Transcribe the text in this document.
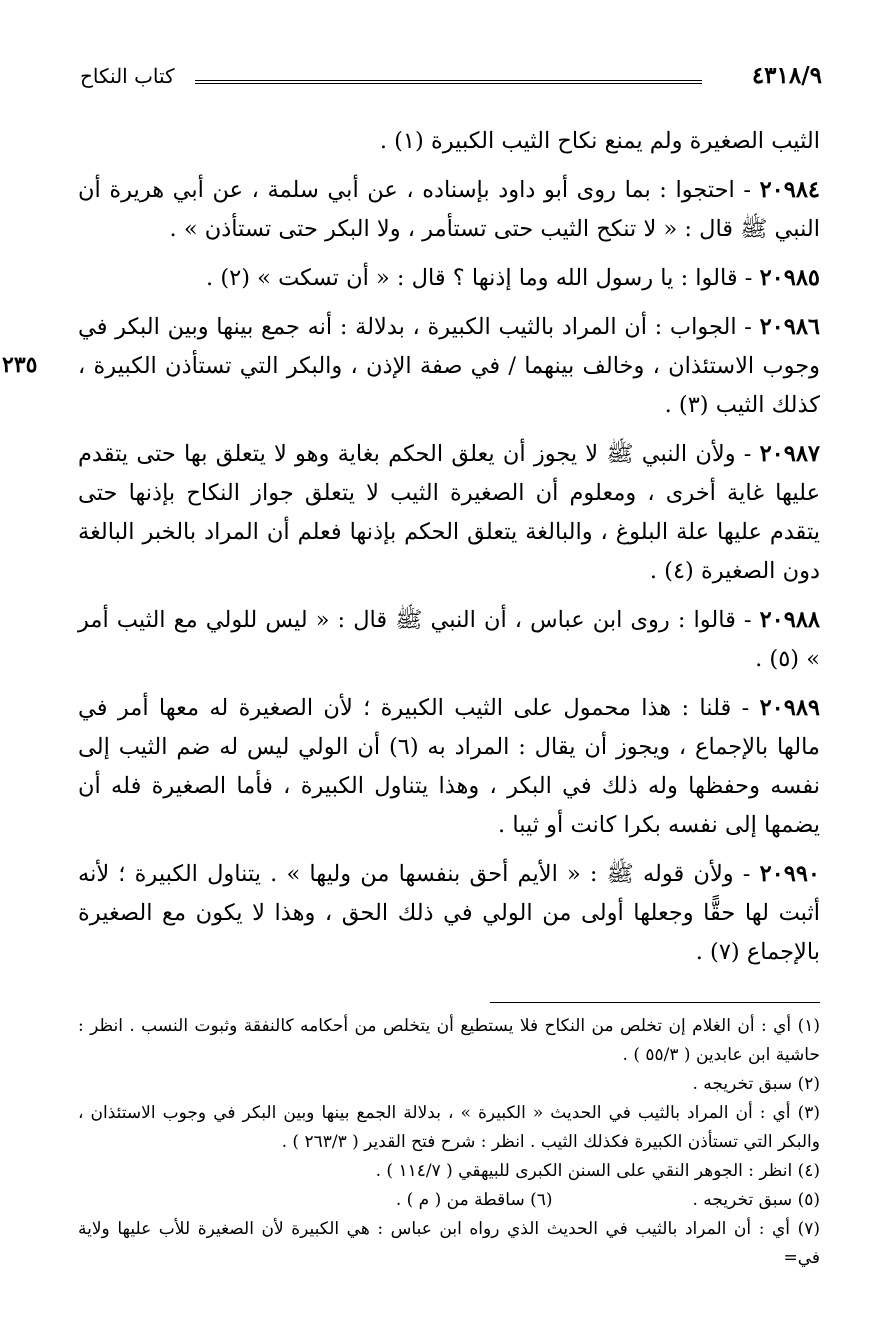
٤٣١٨/٩
كتاب النكاح
٢٣٥

الثيب الصغيرة ولم يمنع نكاح الثيب الكبيرة (١) .

٢٠٩٨٤ - احتجوا : بما روى أبو داود بإسناده ، عن أبي سلمة ، عن أبي هريرة أن النبي ﷺ قال : « لا تنكح الثيب حتى تستأمر ، ولا البكر حتى تستأذن » .

٢٠٩٨٥ - قالوا : يا رسول الله وما إذنها ؟ قال : « أن تسكت » (٢) .

٢٠٩٨٦ - الجواب : أن المراد بالثيب الكبيرة ، بدلالة : أنه جمع بينها وبين البكر في وجوب الاستئذان ، وخالف بينهما / في صفة الإذن ، والبكر التي تستأذن الكبيرة ، كذلك الثيب (٣) .

٢٠٩٨٧ - ولأن النبي ﷺ لا يجوز أن يعلق الحكم بغاية وهو لا يتعلق بها حتى يتقدم عليها غاية أخرى ، ومعلوم أن الصغيرة الثيب لا يتعلق جواز النكاح بإذنها حتى يتقدم عليها علة البلوغ ، والبالغة يتعلق الحكم بإذنها فعلم أن المراد بالخبر البالغة دون الصغيرة (٤) .

٢٠٩٨٨ - قالوا : روى ابن عباس ، أن النبي ﷺ قال : « ليس للولي مع الثيب أمر » (٥) .

٢٠٩٨٩ - قلنا : هذا محمول على الثيب الكبيرة ؛ لأن الصغيرة له معها أمر في مالها بالإجماع ، ويجوز أن يقال : المراد به (٦) أن الولي ليس له ضم الثيب إلى نفسه وحفظها وله ذلك في البكر ، وهذا يتناول الكبيرة ، فأما الصغيرة فله أن يضمها إلى نفسه بكرا كانت أو ثيبا .

٢٠٩٩٠ - ولأن قوله ﷺ : « الأيم أحق بنفسها من وليها » . يتناول الكبيرة ؛ لأنه أثبت لها حقًّا وجعلها أولى من الولي في ذلك الحق ، وهذا لا يكون مع الصغيرة بالإجماع (٧) .

(١) أي : أن الغلام إن تخلص من النكاح فلا يستطيع أن يتخلص من أحكامه كالنفقة وثبوت النسب . انظر : حاشية ابن عابدين ( ٥٥/٣ ) .

(٢) سبق تخريجه .

(٣) أي : أن المراد بالثيب في الحديث « الكبيرة » ، بدلالة الجمع بينها وبين البكر في وجوب الاستئذان ، والبكر التي تستأذن الكبيرة فكذلك الثيب . انظر : شرح فتح القدير ( ٢٦٣/٣ ) .

(٤) انظر : الجوهر النقي على السنن الكبرى للبيهقي ( ١١٤/٧ ) .

(٥) سبق تخريجه .

(٦) ساقطة من ( م ) .

(٧) أي : أن المراد بالثيب في الحديث الذي رواه ابن عباس : هي الكبيرة لأن الصغيرة للأب عليها ولاية في=
